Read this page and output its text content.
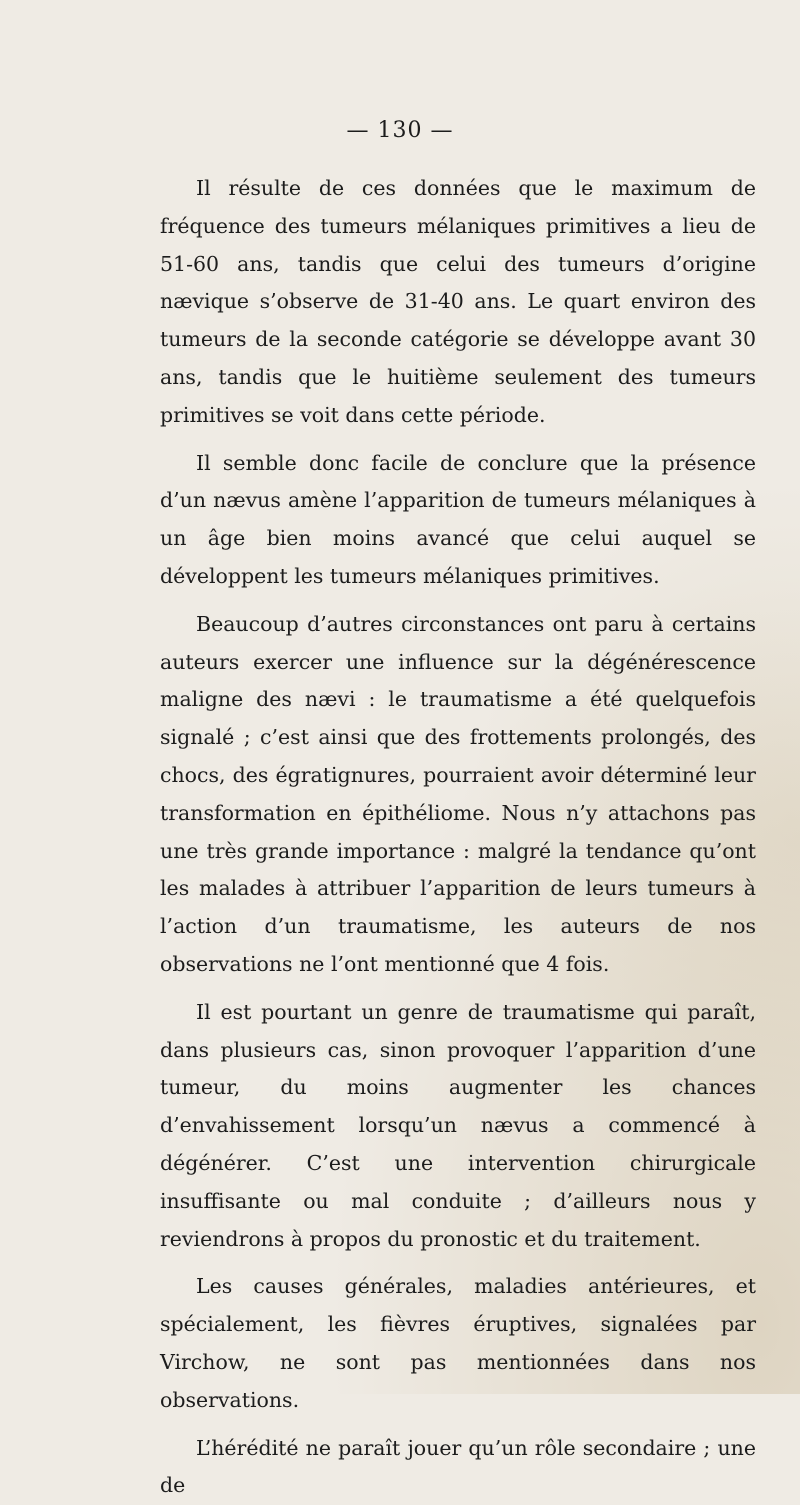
— 130 —

Il résulte de ces données que le maximum de fréquence des tumeurs mélaniques primitives a lieu de 51-60 ans, tandis que celui des tumeurs d’origine nævique s’observe de 31-40 ans. Le quart environ des tumeurs de la seconde catégorie se développe avant 30 ans, tandis que le huitième seulement des tumeurs primitives se voit dans cette période.

Il semble donc facile de conclure que la présence d’un nævus amène l’apparition de tumeurs mélaniques à un âge bien moins avancé que celui auquel se développent les tumeurs mélaniques primitives.

Beaucoup d’autres circonstances ont paru à certains auteurs exercer une influence sur la dégénérescence maligne des nævi : le traumatisme a été quelquefois signalé ; c’est ainsi que des frottements prolongés, des chocs, des égratignures, pourraient avoir déterminé leur transformation en épithéliome. Nous n’y attachons pas une très grande importance : malgré la tendance qu’ont les malades à attribuer l’apparition de leurs tumeurs à l’action d’un traumatisme, les auteurs de nos observations ne l’ont mentionné que 4 fois.

Il est pourtant un genre de traumatisme qui paraît, dans plusieurs cas, sinon provoquer l’apparition d’une tumeur, du moins augmenter les chances d’envahissement lorsqu’un nævus a commencé à dégénérer. C’est une intervention chirurgicale insuffisante ou mal conduite ; d’ailleurs nous y reviendrons à propos du pronostic et du traitement.

Les causes générales, maladies antérieures, et spécialement, les fièvres éruptives, signalées par Virchow, ne sont pas mentionnées dans nos observations.

L’hérédité ne paraît jouer qu’un rôle secondaire ; une de
